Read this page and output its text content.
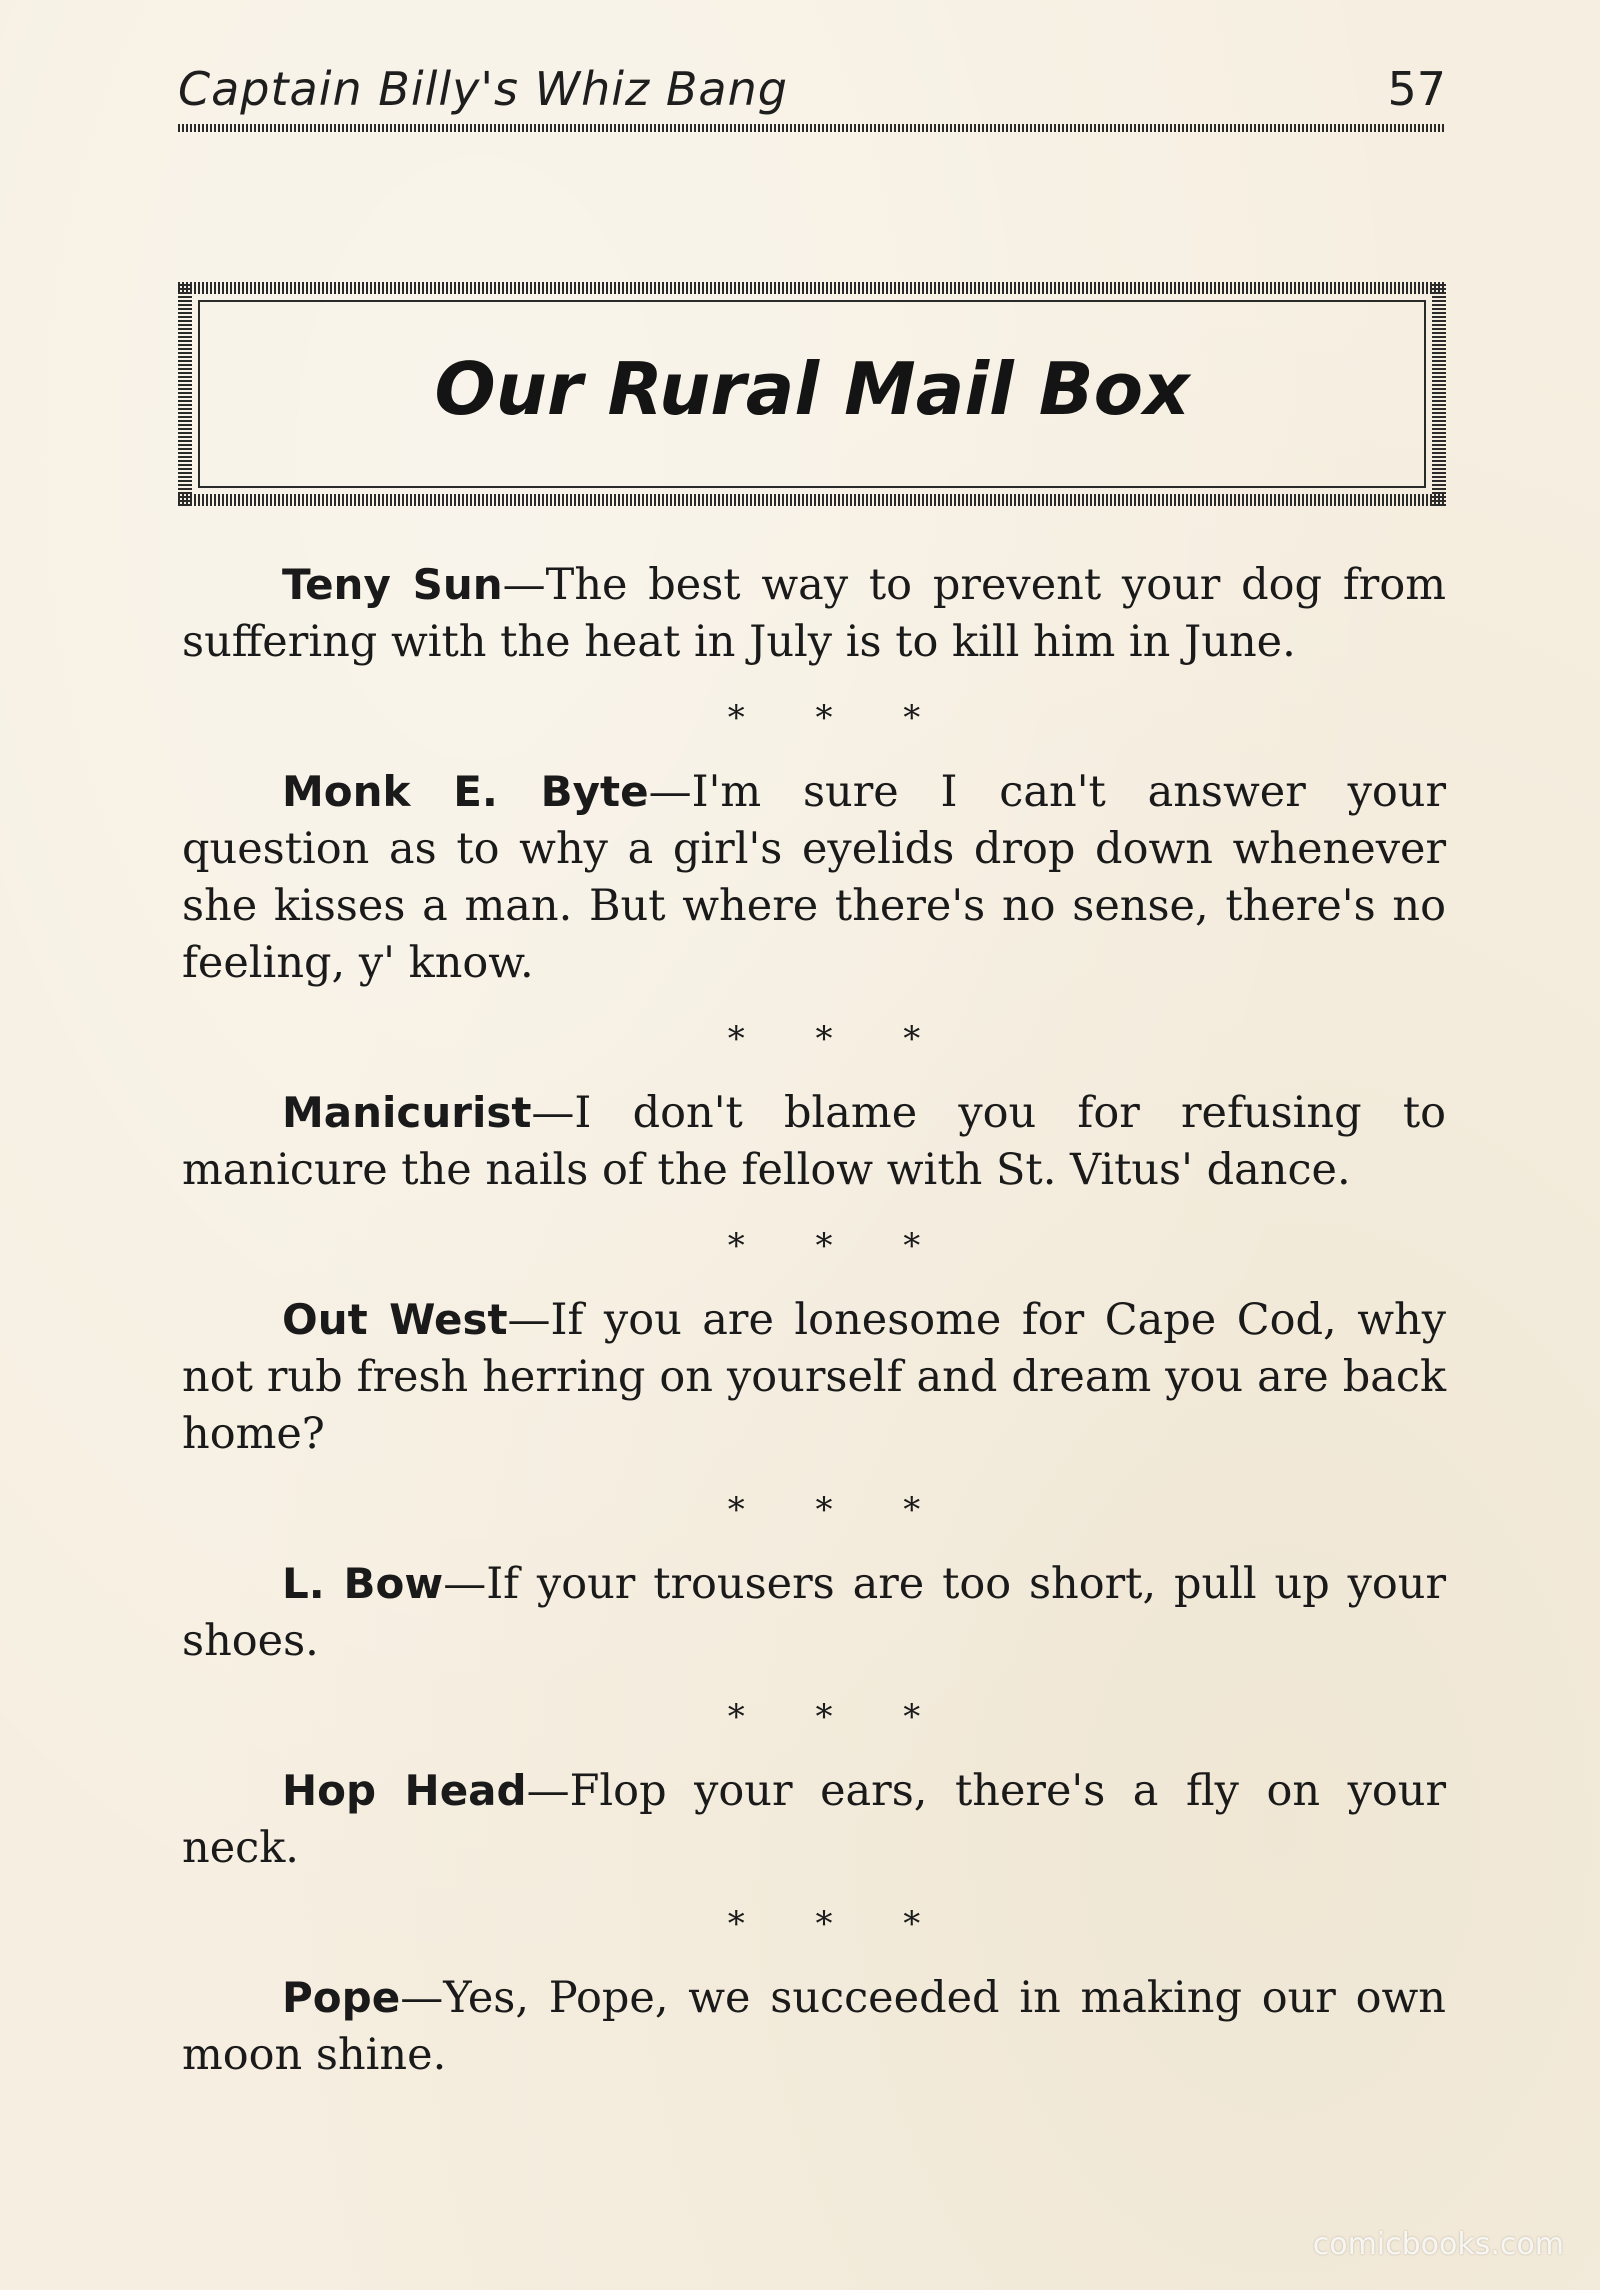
Captain Billy's Whiz Bang	57
Our Rural Mail Box

Teny Sun—The best way to prevent your dog from suffering with the heat in July is to kill him in June.

* * *

Monk E. Byte—I'm sure I can't answer your question as to why a girl's eyelids drop down whenever she kisses a man. But where there's no sense, there's no feeling, y' know.

* * *

Manicurist—I don't blame you for refusing to manicure the nails of the fellow with St. Vitus' dance.

* * *

Out West—If you are lonesome for Cape Cod, why not rub fresh herring on yourself and dream you are back home?

* * *

L. Bow—If your trousers are too short, pull up your shoes.

* * *

Hop Head—Flop your ears, there's a fly on your neck.

* * *

Pope—Yes, Pope, we succeeded in making our own moon shine.

comicbooks.com
